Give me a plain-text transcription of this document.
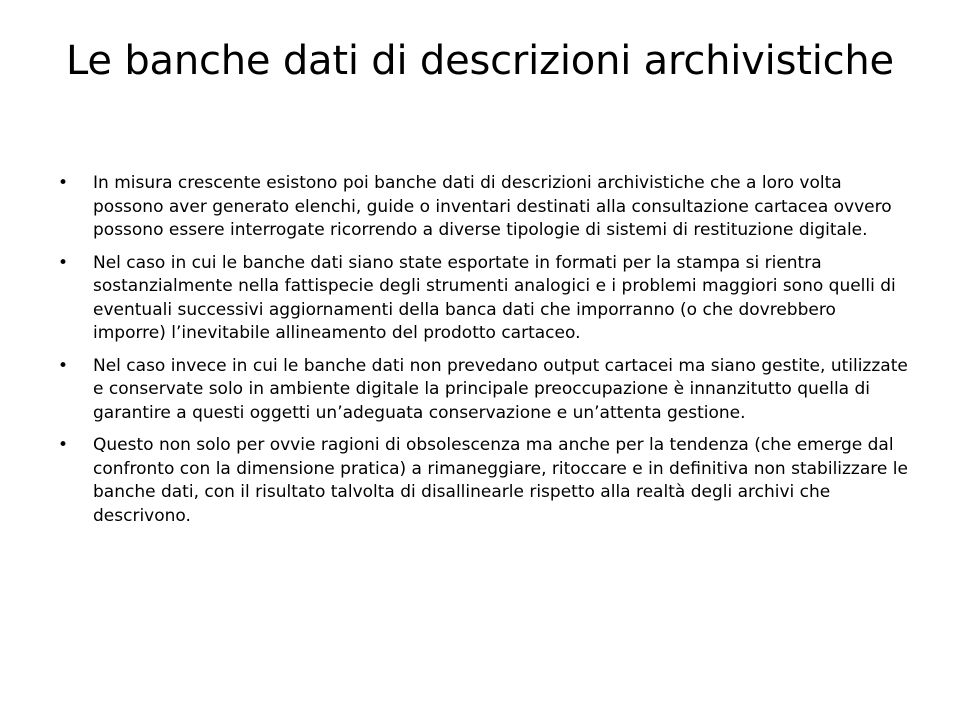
Le banche dati di descrizioni archivistiche
• In misura crescente esistono poi banche dati di descrizioni archivistiche che a loro volta possono aver generato elenchi, guide o inventari destinati alla consultazione cartacea ovvero possono essere interrogate ricorrendo a diverse tipologie di sistemi di restituzione digitale.
• Nel caso in cui le banche dati siano state esportate in formati per la stampa si rientra sostanzialmente nella fattispecie degli strumenti analogici e i problemi maggiori sono quelli di eventuali successivi aggiornamenti della banca dati che imporranno (o che dovrebbero imporre) l’inevitabile allineamento del prodotto cartaceo.
• Nel caso invece in cui le banche dati non prevedano output cartacei ma siano gestite, utilizzate e conservate solo in ambiente digitale la principale preoccupazione è innanzitutto quella di garantire a questi oggetti un’adeguata conservazione e un’attenta gestione.
• Questo non solo per ovvie ragioni di obsolescenza ma anche per la tendenza (che emerge dal confronto con la dimensione pratica) a rimaneggiare, ritoccare e in definitiva non stabilizzare le banche dati, con il risultato talvolta di disallinearle rispetto alla realtà degli archivi che descrivono.
